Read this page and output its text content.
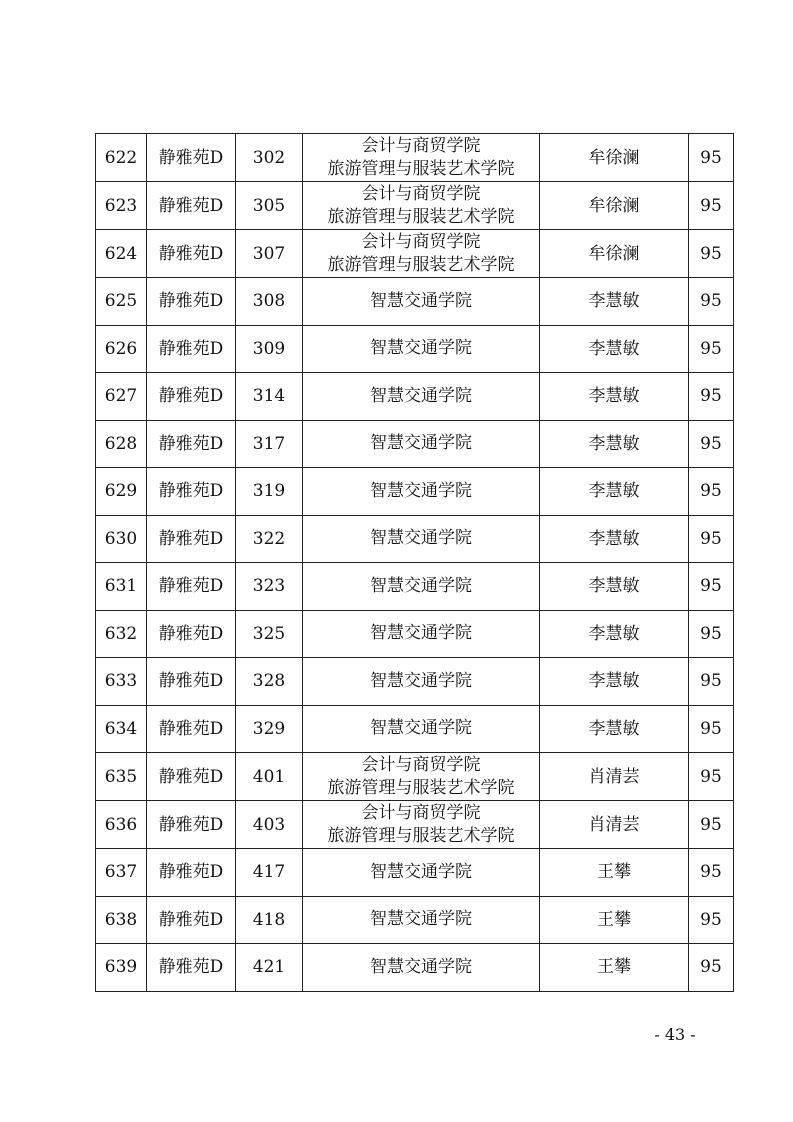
622	静雅苑D	302	会计与商贸学院
旅游管理与服装艺术学院	牟徐澜	95
623	静雅苑D	305	会计与商贸学院
旅游管理与服装艺术学院	牟徐澜	95
624	静雅苑D	307	会计与商贸学院
旅游管理与服装艺术学院	牟徐澜	95
625	静雅苑D	308	智慧交通学院	李慧敏	95
626	静雅苑D	309	智慧交通学院	李慧敏	95
627	静雅苑D	314	智慧交通学院	李慧敏	95
628	静雅苑D	317	智慧交通学院	李慧敏	95
629	静雅苑D	319	智慧交通学院	李慧敏	95
630	静雅苑D	322	智慧交通学院	李慧敏	95
631	静雅苑D	323	智慧交通学院	李慧敏	95
632	静雅苑D	325	智慧交通学院	李慧敏	95
633	静雅苑D	328	智慧交通学院	李慧敏	95
634	静雅苑D	329	智慧交通学院	李慧敏	95
635	静雅苑D	401	会计与商贸学院
旅游管理与服装艺术学院	肖清芸	95
636	静雅苑D	403	会计与商贸学院
旅游管理与服装艺术学院	肖清芸	95
637	静雅苑D	417	智慧交通学院	王攀	95
638	静雅苑D	418	智慧交通学院	王攀	95
639	静雅苑D	421	智慧交通学院	王攀	95
- 43 -
